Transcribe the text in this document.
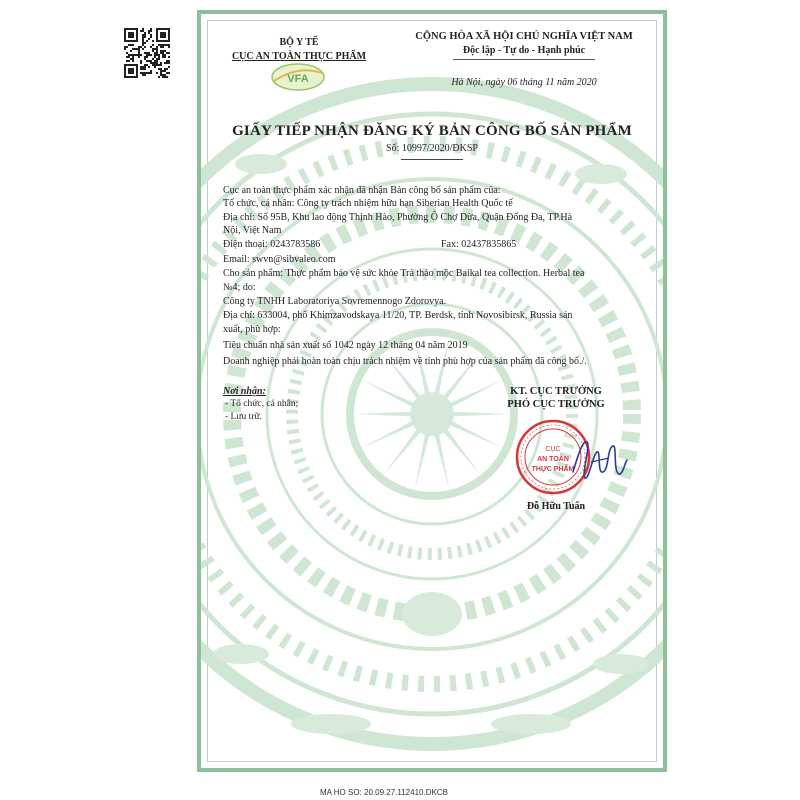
BỘ Y TẾ
CỤC AN TOÀN THỰC PHẨM
VFA
CỘNG HÒA XÃ HỘI CHỦ NGHĨA VIỆT NAM
Độc lập - Tự do - Hạnh phúc
Hà Nội, ngày 06 tháng 11 năm 2020
GIẤY TIẾP NHẬN ĐĂNG KÝ BẢN CÔNG BỐ SẢN PHẨM
Số: 10997/2020/ĐKSP
Cục an toàn thực phẩm xác nhận đã nhận Bản công bố sản phẩm của:
Tổ chức, cá nhân: Công ty trách nhiệm hữu hạn Siberian Health Quốc tế
Địa chỉ: Số 95B, Khu lao động Thịnh Hào, Phường Ô Chợ Dừa, Quận Đống Đa, TP.Hà
Nội, Việt Nam
Điện thoại: 0243783586	Fax: 02437835865
Email: swvn@sibvaleo.com
Cho sản phẩm: Thực phẩm bảo vệ sức khỏe Trà thảo mộc Baikal tea collection. Herbal tea
№4; do:
Công ty TNHH Laboratoriya Sovremennogo Zdorovya.
Địa chỉ: 633004, phố Khimzavodskaya 11/20, TP. Berdsk, tỉnh Novosibirsk, Russia sản
xuất, phù hợp:
Tiêu chuẩn nhà sản xuất số 1042 ngày 12 tháng 04 năm 2019
Doanh nghiệp phải hoàn toàn chịu trách nhiệm về tính phù hợp của sản phẩm đã công bố./.
Nơi nhận:
- Tổ chức, cá nhân;
- Lưu trữ.
KT. CỤC TRƯỞNG
PHÓ CỤC TRƯỞNG
CỤC
AN TOÀN
THỰC PHẨM
Đỗ Hữu Tuấn
MA HO SO: 20.09.27.112410.DKCB
